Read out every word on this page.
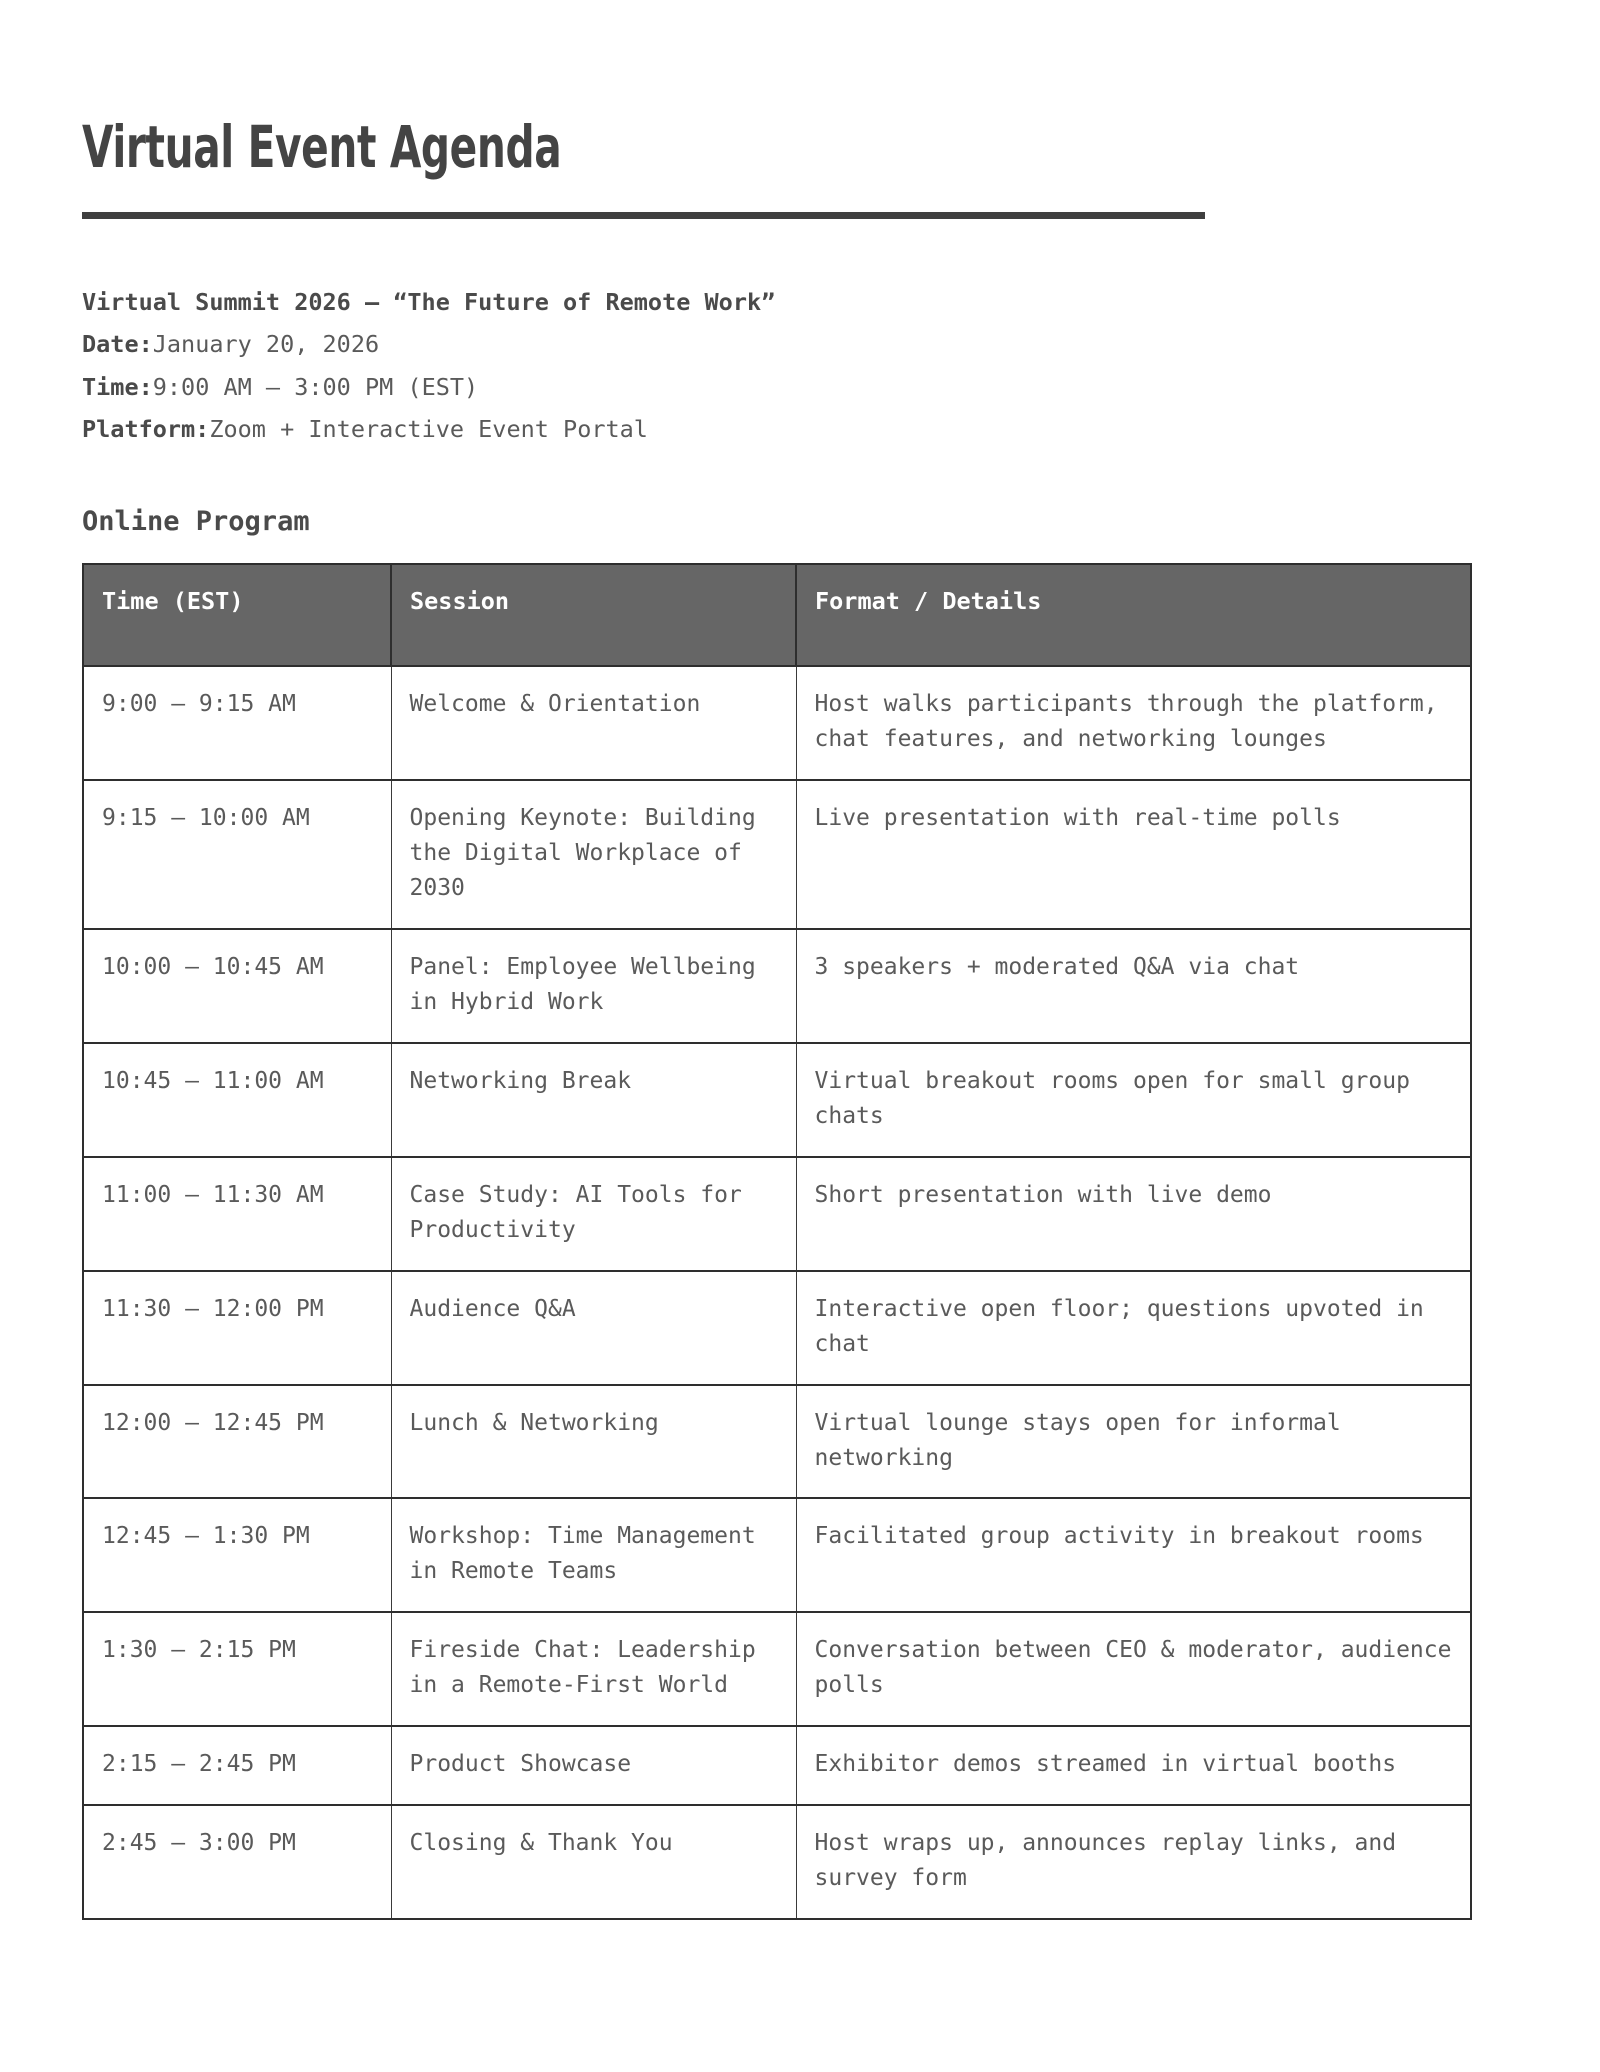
Virtual Event Agenda
Virtual Summit 2026 – “The Future of Remote Work”
Date:January 20, 2026
Time:9:00 AM – 3:00 PM (EST)
Platform:Zoom + Interactive Event Portal
Online Program
Time (EST)	Session	Format / Details
9:00 – 9:15 AM	Welcome & Orientation	Host walks participants through the platform, chat features, and networking lounges
9:15 – 10:00 AM	Opening Keynote: Building the Digital Workplace of 2030	Live presentation with real-time polls
10:00 – 10:45 AM	Panel: Employee Wellbeing in Hybrid Work	3 speakers + moderated Q&A via chat
10:45 – 11:00 AM	Networking Break	Virtual breakout rooms open for small group chats
11:00 – 11:30 AM	Case Study: AI Tools for Productivity	Short presentation with live demo
11:30 – 12:00 PM	Audience Q&A	Interactive open floor; questions upvoted in chat
12:00 – 12:45 PM	Lunch & Networking	Virtual lounge stays open for informal networking
12:45 – 1:30 PM	Workshop: Time Management in Remote Teams	Facilitated group activity in breakout rooms
1:30 – 2:15 PM	Fireside Chat: Leadership in a Remote-First World	Conversation between CEO & moderator, audience polls
2:15 – 2:45 PM	Product Showcase	Exhibitor demos streamed in virtual booths
2:45 – 3:00 PM	Closing & Thank You	Host wraps up, announces replay links, and survey form
